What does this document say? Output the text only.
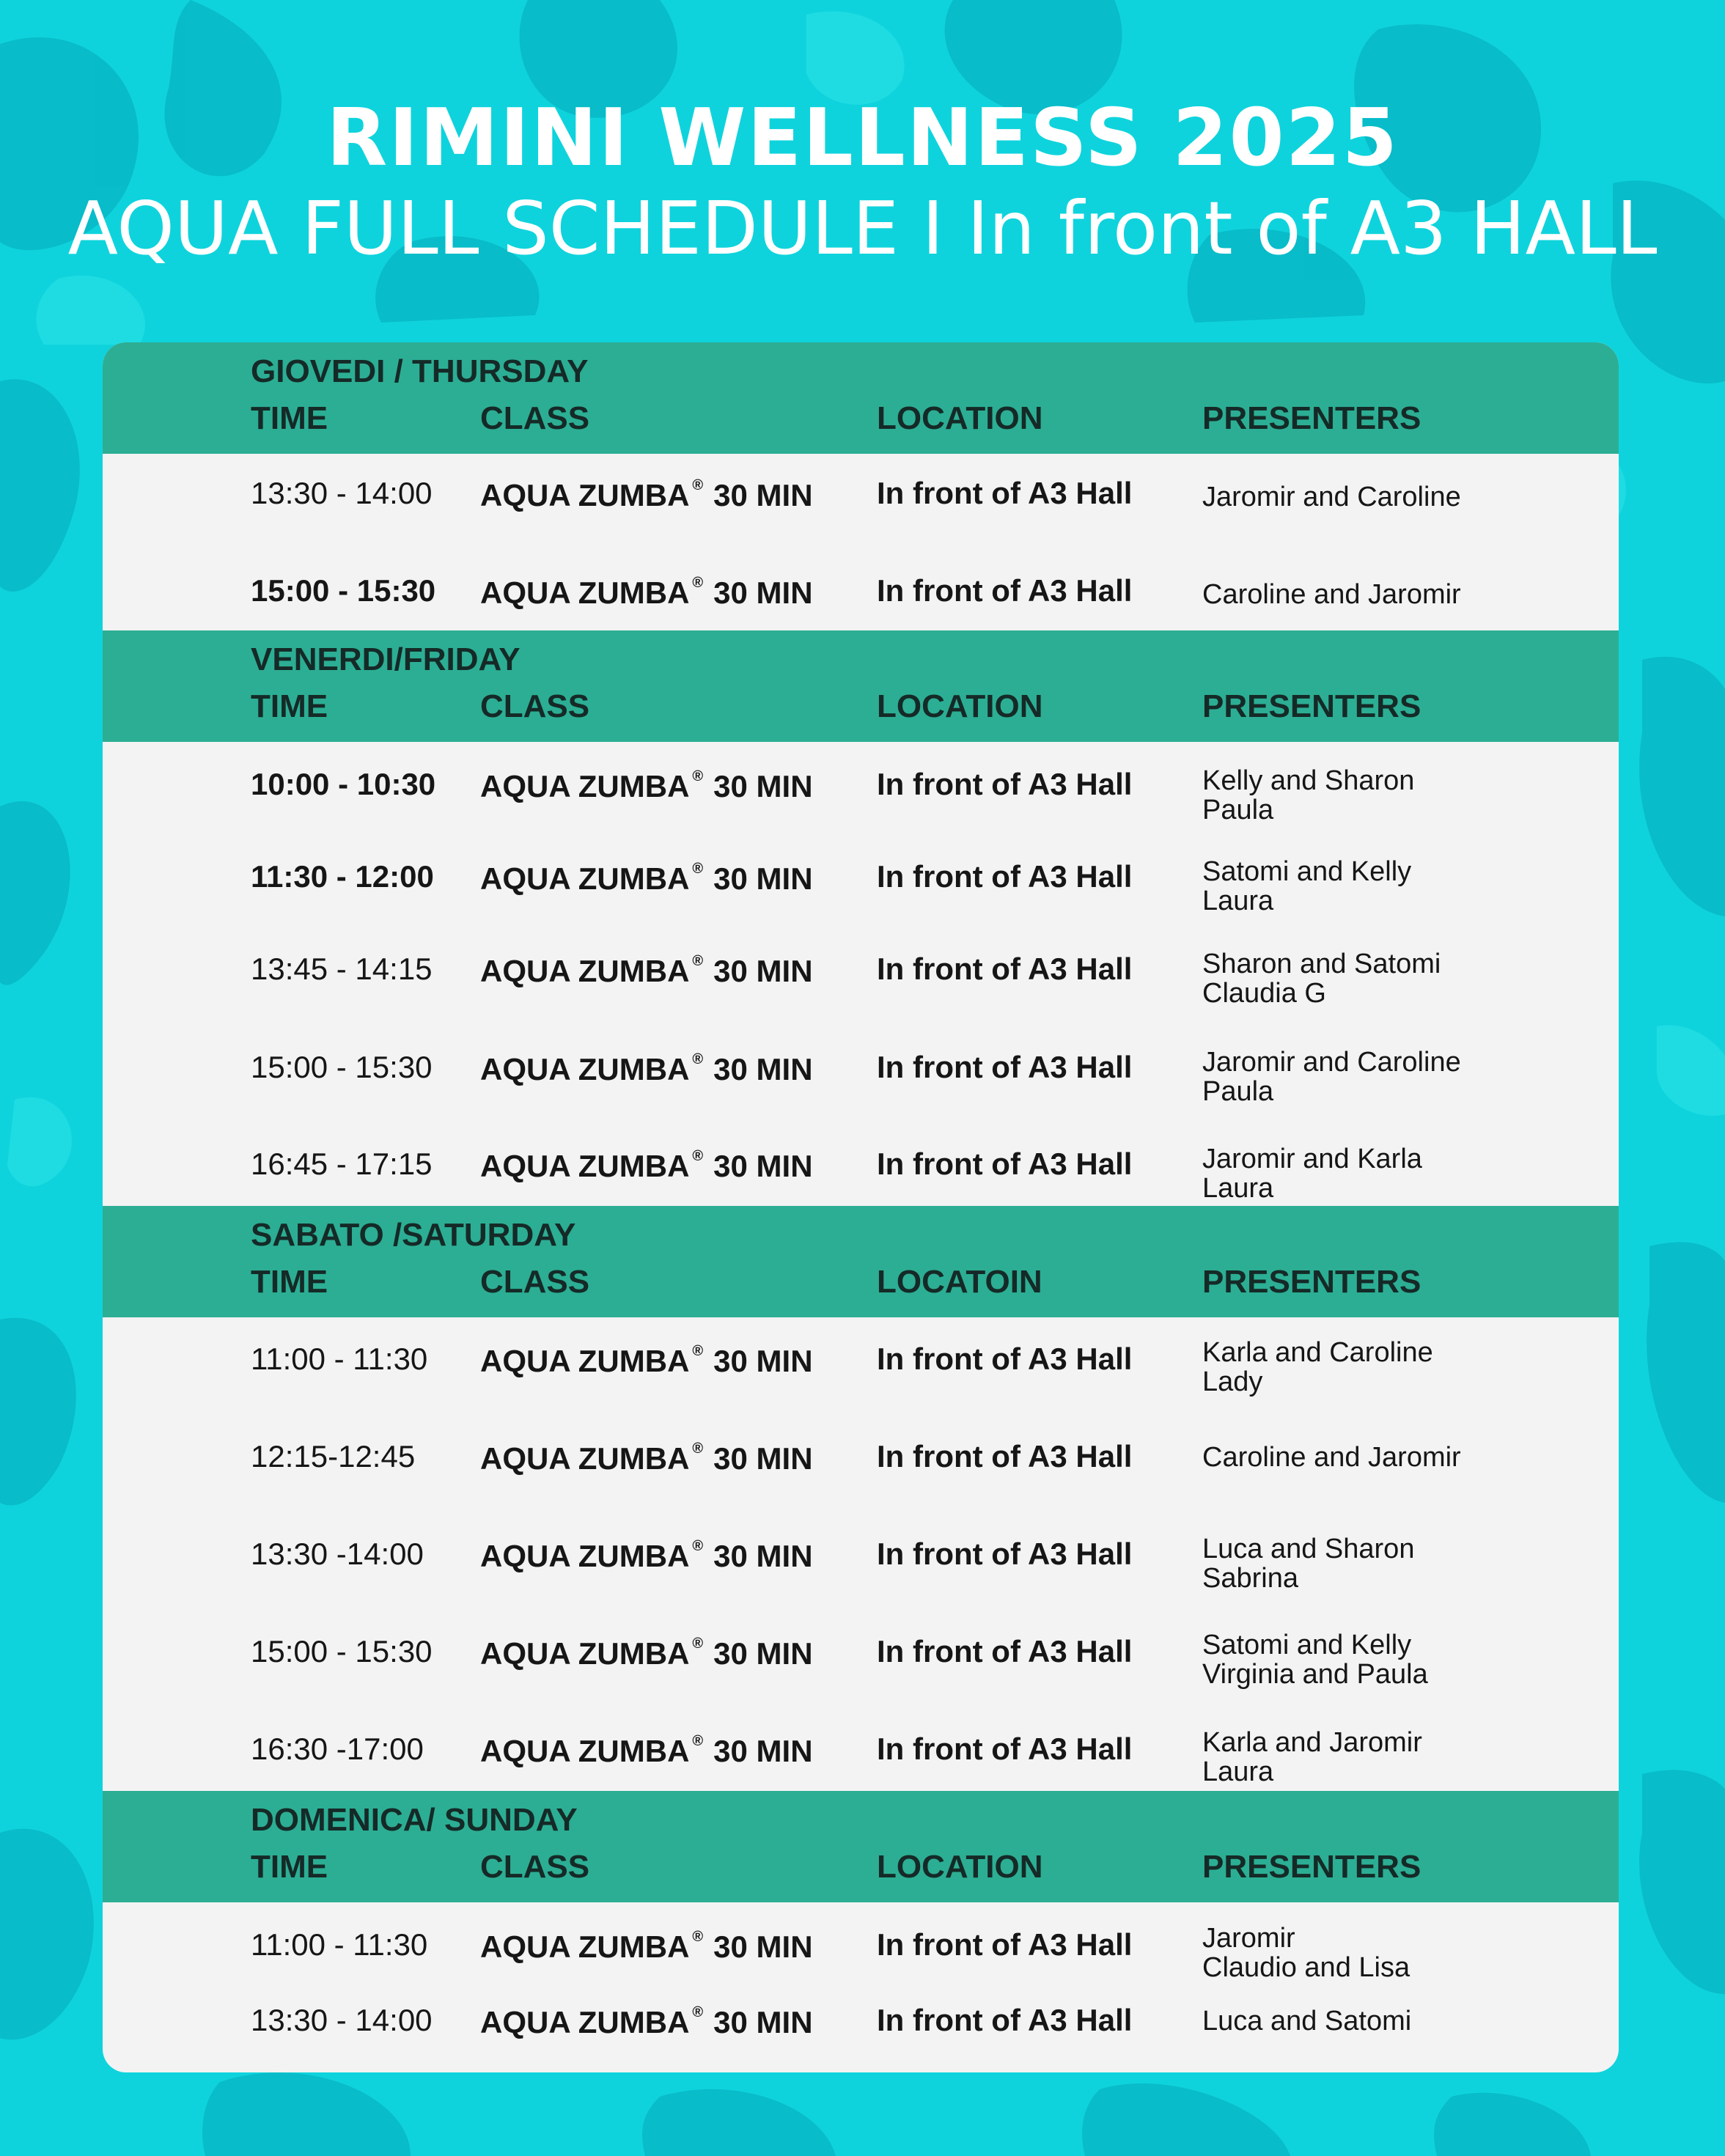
RIMINI WELLNESS 2025
AQUA FULL SCHEDULE I In front of A3 HALL
GIOVEDI / THURSDAY
TIME	CLASS	LOCATION	PRESENTERS
13:30 - 14:00 AQUA ZUMBA ® 30 MIN In front of A3 Hall	Jaromir and Caroline
15:00 - 15:30 AQUA ZUMBA ® 30 MIN In front of A3 Hall	Caroline and Jaromir
VENERDI/FRIDAY
TIME	CLASS	LOCATION	PRESENTERS
10:00 - 10:30 AQUA ZUMBA ® 30 MIN In front of A3 Hall	Kelly and Sharon
Paula
11:30 - 12:00 AQUA ZUMBA ® 30 MIN In front of A3 Hall	Satomi and Kelly
Laura
13:45 - 14:15 AQUA ZUMBA ® 30 MIN In front of A3 Hall	Sharon and Satomi
Claudia G
15:00 - 15:30 AQUA ZUMBA ® 30 MIN In front of A3 Hall	Jaromir and Caroline
Paula
16:45 - 17:15 AQUA ZUMBA ® 30 MIN In front of A3 Hall	Jaromir and Karla
Laura
SABATO /SATURDAY
TIME	CLASS	LOCATOIN	PRESENTERS
11:00 - 11:30 AQUA ZUMBA ® 30 MIN In front of A3 Hall	Karla and Caroline
Lady
12:15-12:45 AQUA ZUMBA ® 30 MIN In front of A3 Hall	Caroline and Jaromir
13:30 -14:00 AQUA ZUMBA ® 30 MIN In front of A3 Hall	Luca and Sharon
Sabrina
15:00 - 15:30 AQUA ZUMBA ® 30 MIN In front of A3 Hall	Satomi and Kelly
Virginia and Paula
16:30 -17:00 AQUA ZUMBA ® 30 MIN In front of A3 Hall	Karla and Jaromir
Laura
DOMENICA/ SUNDAY
TIME	CLASS	LOCATION	PRESENTERS
11:00 - 11:30 AQUA ZUMBA ® 30 MIN In front of A3 Hall	Jaromir
Claudio and Lisa
13:30 - 14:00 AQUA ZUMBA ® 30 MIN In front of A3 Hall	Luca and Satomi
